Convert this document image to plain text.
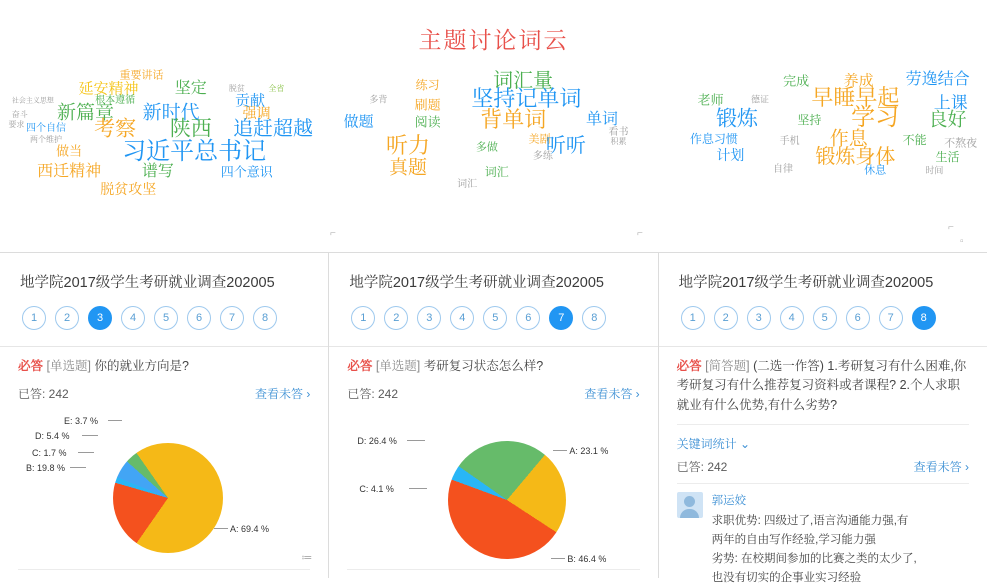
主题讨论词云
重要讲话
延安精神 坚定	脱贫	全省
贡献
社会主义思想	根本遵循
奋斗 新篇章 新时代	强调
要求 四个自信 考察 陕西 追赶超越
两个维护
做当 习近平总书记
西迁精神	谱写	四个意识
脱贫攻坚
练习	词汇量
多背	坚持记单词
刷题
阅读 背单词 单词
做题
看书
美剧	积累
听力	多做 听听
多练
真题	词汇
词汇
完成 养成 劳逸结合
老师	德证 早睡早起 上课
锻炼	坚持 学习 良好
作息习惯	手机 作息	不能 不熬夜
计划	锻炼身体	生活
自律	休息	时间
地学院2017级学生考研就业调查202005
1	2	3	4	5	6	7	8
必答 [单选题] 你的就业方向是?
已答: 242	查看未答 ›
A: 69.4 %
B: 19.8 %
C: 1.7 %
D: 5.4 %
E: 3.7 %
≔
地学院2017级学生考研就业调查202005
1	2	3	4	5	6	7	8
必答 [单选题] 考研复习状态怎么样?
已答: 242	查看未答 ›
A: 23.1 %
B: 46.4 %
C: 4.1 %
D: 26.4 %
地学院2017级学生考研就业调查202005
1	2	3	4	5	6	7	8
必答 [简答题] (二选一作答) 1.考研复习有什么困难,你考研复习有什么推荐复习资料或者课程? 2.个人求职就业有什么优势,有什么劣势?
关键词统计 ⌄
已答: 242	查看未答 ›
郭运姣
求职优势: 四级过了,语言沟通能力强,有
两年的自由写作经验,学习能力强
劣势: 在校期间参加的比赛之类的太少了,
也没有切实的企事业实习经验
⌐	⌐
⌐
▫
